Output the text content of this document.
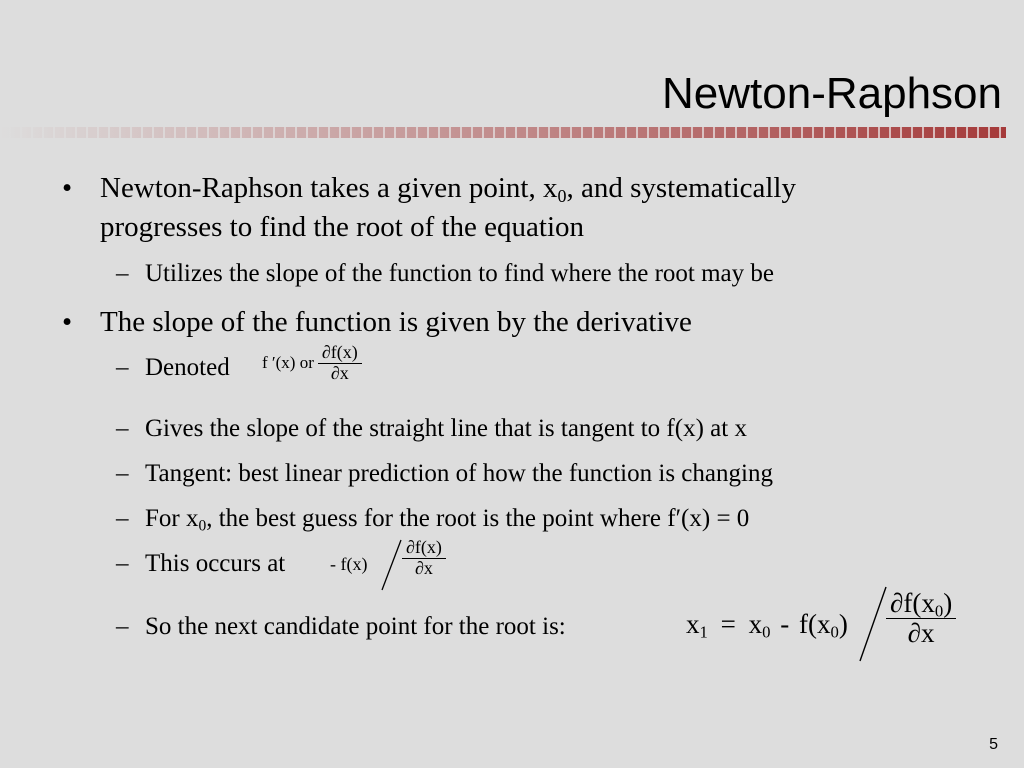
Newton-Raphson
• Newton-Raphson takes a given point, $x_0$, and systematically
progresses to find the root of the equation
– Utilizes the slope of the function to find where the root may be
• The slope of the function is given by the derivative
– Denoted f ′(x) or $\frac{\partial f(x)}{\partial x}$
– Gives the slope of the straight line that is tangent to f(x) at x
– Tangent: best linear prediction of how the function is changing
– For $x_0$, the best guess for the root is the point where f′(x) = 0
– This occurs at - $f(x) \frac{\partial f(x)}{\partial x}$
– So the next candidate point for the root is:	$x_1 = x_0 - f(x_0) \frac{\partial f(x_0)}{\partial x}$
5
